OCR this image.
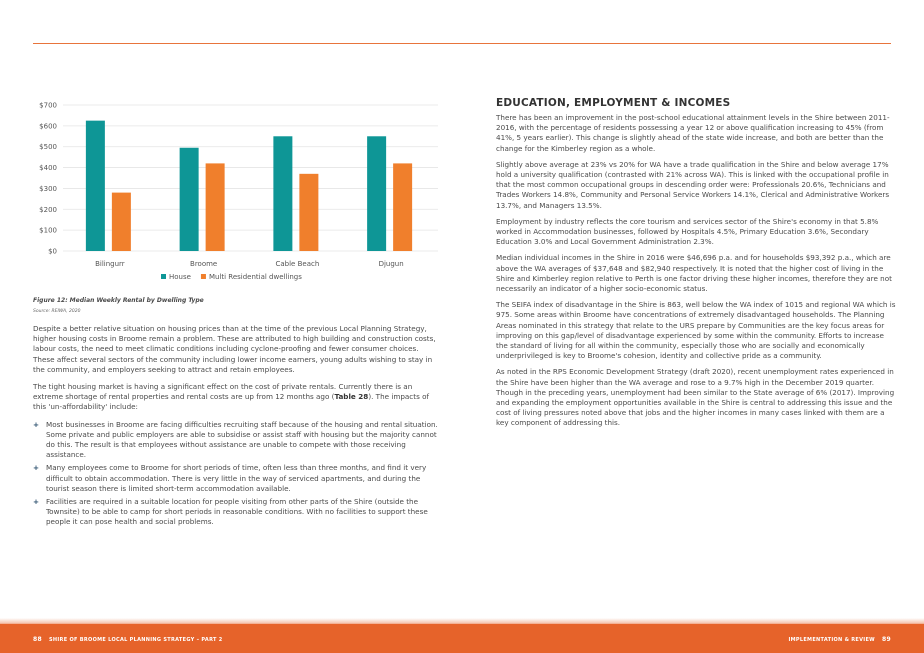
$0
$100
$200
$300
$400
$500
$600
$700
Bilingurr	Broome	Cable Beach	Djugun
House	Multi Residential dwellings
Figure 12: Median Weekly Rental by Dwelling Type
Source: REIWA, 2020

Despite a better relative situation on housing prices than at the time of the previous Local Planning Strategy, higher housing costs in Broome remain a problem. These are attributed to high building and construction costs, labour costs, the need to meet climatic conditions including cyclone-proofing and fewer consumer choices. These affect several sectors of the community including lower income earners, young adults wishing to stay in the community, and employers seeking to attract and retain employees.

The tight housing market is having a significant effect on the cost of private rentals. Currently there is an extreme shortage of rental properties and rental costs are up from 12 months ago (Table 28). The impacts of this 'un-affordability' include:

+ Most businesses in Broome are facing difficulties recruiting staff because of the housing and rental situation. Some private and public employers are able to subsidise or assist staff with housing but the majority cannot do this. The result is that employees without assistance are unable to compete with those receiving assistance.
+ Many employees come to Broome for short periods of time, often less than three months, and find it very difficult to obtain accommodation. There is very little in the way of serviced apartments, and during the tourist season there is limited short-term accommodation available.
+ Facilities are required in a suitable location for people visiting from other parts of the Shire (outside the Townsite) to be able to camp for short periods in reasonable conditions. With no facilities to support these people it can pose health and social problems.
EDUCATION, EMPLOYMENT & INCOMES

There has been an improvement in the post-school educational attainment levels in the Shire between 2011-2016, with the percentage of residents possessing a year 12 or above qualification increasing to 45% (from 41%, 5 years earlier). This change is slightly ahead of the state wide increase, and both are better than the change for the Kimberley region as a whole.

Slightly above average at 23% vs 20% for WA have a trade qualification in the Shire and below average 17% hold a university qualification (contrasted with 21% across WA). This is linked with the occupational profile in that the most common occupational groups in descending order were: Professionals 20.6%, Technicians and Trades Workers 14.8%, Community and Personal Service Workers 14.1%, Clerical and Administrative Workers 13.7%, and Managers 13.5%.

Employment by industry reflects the core tourism and services sector of the Shire's economy in that 5.8% worked in Accommodation businesses, followed by Hospitals 4.5%, Primary Education 3.6%, Secondary Education 3.0% and Local Government Administration 2.3%.

Median individual incomes in the Shire in 2016 were $46,696 p.a. and for households $93,392 p.a., which are above the WA averages of $37,648 and $82,940 respectively. It is noted that the higher cost of living in the Shire and Kimberley region relative to Perth is one factor driving these higher incomes, therefore they are not necessarily an indicator of a higher socio-economic status.

The SEIFA index of disadvantage in the Shire is 863, well below the WA index of 1015 and regional WA which is 975. Some areas within Broome have concentrations of extremely disadvantaged households. The Planning Areas nominated in this strategy that relate to the URS prepare by Communities are the key focus areas for improving on this gap/level of disadvantage experienced by some within the community. Efforts to increase the standard of living for all within the community, especially those who are socially and economically underprivileged is key to Broome's cohesion, identity and collective pride as a community.

As noted in the RPS Economic Development Strategy (draft 2020), recent unemployment rates experienced in the Shire have been higher than the WA average and rose to a 9.7% high in the December 2019 quarter. Though in the preceding years, unemployment had been similar to the State average of 6% (2017). Improving and expanding the employment opportunities available in the Shire is central to addressing this issue and the cost of living pressures noted above that jobs and the higher incomes in many cases linked with them are a key component of addressing this.

88 SHIRE OF BROOME LOCAL PLANNING STRATEGY – PART 2	IMPLEMENTATION & REVIEW 89
